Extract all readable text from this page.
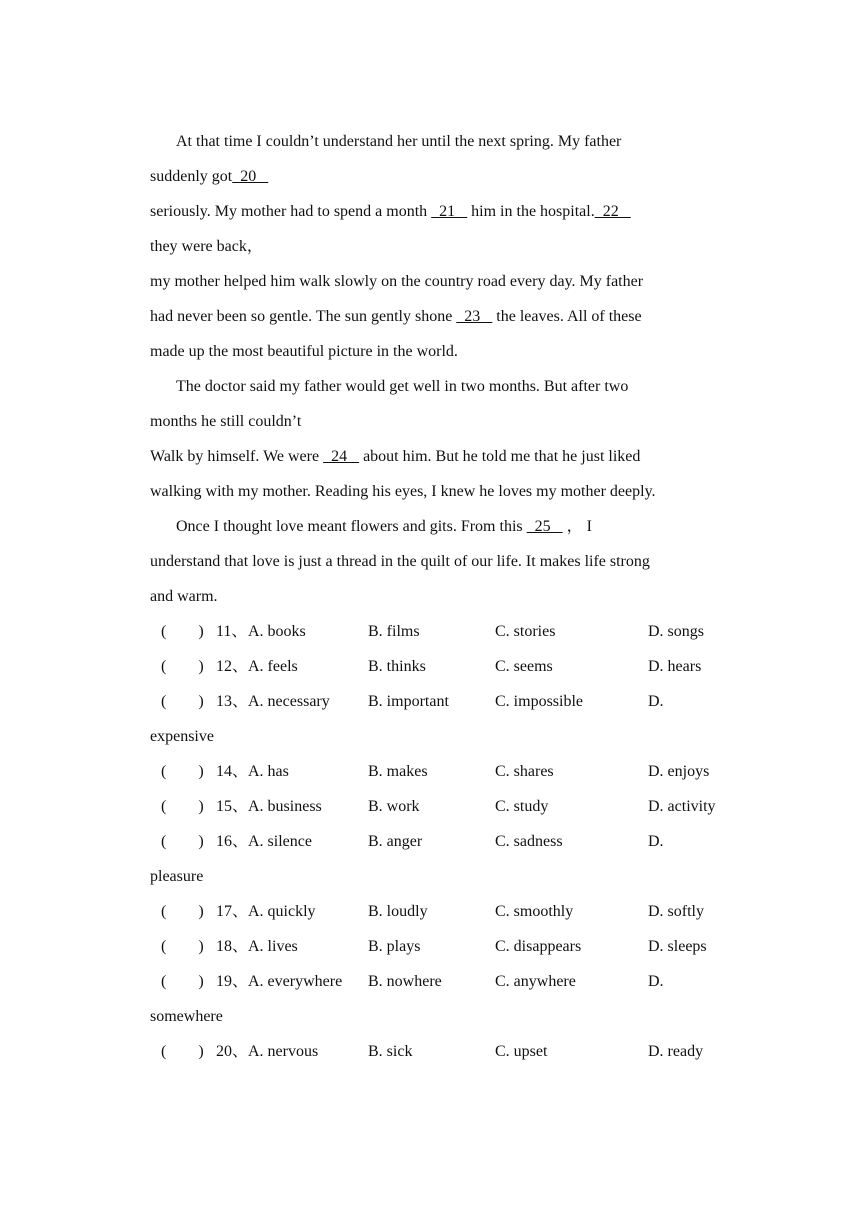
At that time I couldn’t understand her until the next spring. My father
suddenly got  20
seriously. My mother had to spend a month   21    him in the hospital.  22
they were back，
my mother helped him walk slowly on the country road every day. My father
had never been so gentle. The sun gently shone   23    the leaves. All of these
made up the most beautiful picture in the world.
The doctor said my father would get well in two months. But after two
months he still couldn’t
Walk by himself. We were   24    about him. But he told me that he just liked
walking with my mother. Reading his eyes, I knew he loves my mother deeply.
Once I thought love meant flowers and gits. From this   25    ， I
understand that love is just a thread in the quilt of our life. It makes life strong
and warm.
(        ) 11、 A. books	B. films	C. stories	D. songs
(        ) 12、 A. feels	B. thinks	C. seems	D. hears
(        ) 13、 A. necessary B. important	C. impossible	D.
expensive
(        ) 14、 A. has	B. makes	C. shares	D. enjoys
(        ) 15、 A. business	B. work	C. study	D. activity
(        ) 16、 A. silence	B. anger	C. sadness	D.
pleasure
(        ) 17、 A. quickly	B. loudly	C. smoothly	D. softly
(        ) 18、 A. lives	B. plays	C. disappears	D. sleeps
(        ) 19、 A. everywhere B. nowhere	C. anywhere	D.
somewhere
(        ) 20、 A. nervous	B. sick	C. upset	D. ready
